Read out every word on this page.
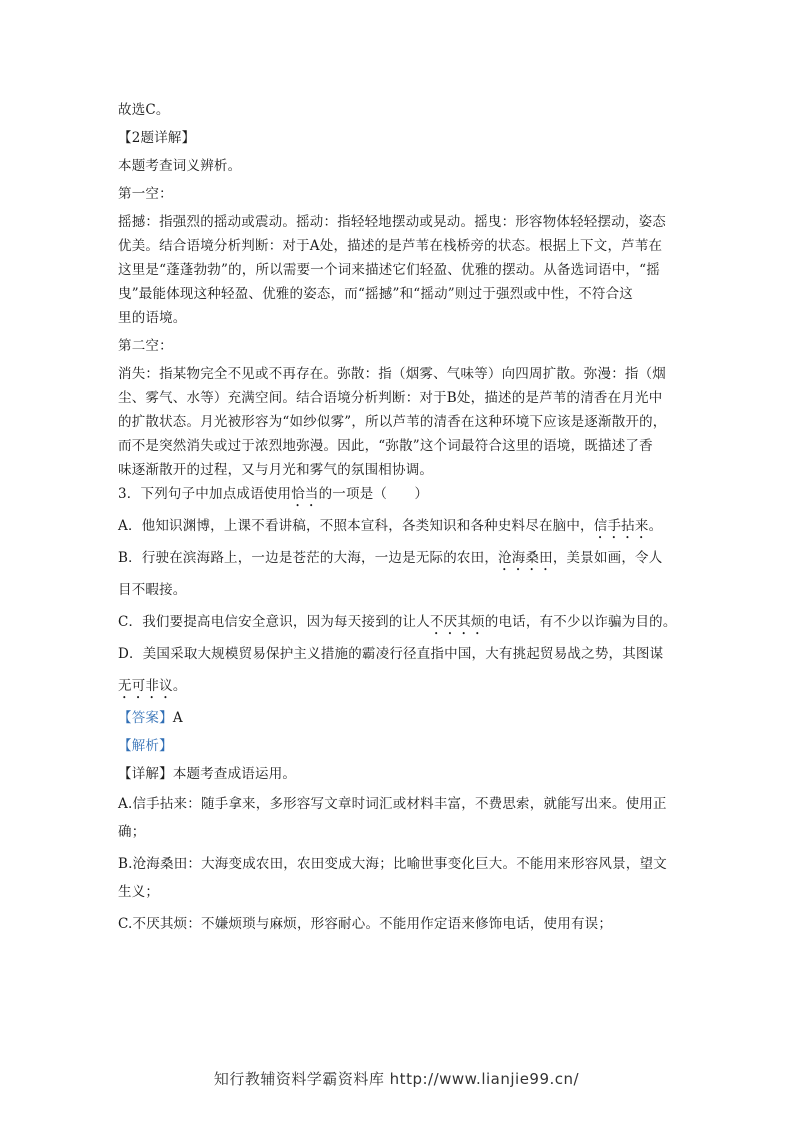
故选C。
【2题详解】
本题考查词义辨析。
第一空：
摇撼：指强烈的摇动或震动。摇动：指轻轻地摆动或晃动。摇曳：形容物体轻轻摆动，姿态
优美。结合语境分析判断：对于A处，描述的是芦苇在栈桥旁的状态。根据上下文，芦苇在
这里是“蓬蓬勃勃”的，所以需要一个词来描述它们轻盈、优雅的摆动。从备选词语中，“摇
曳”最能体现这种轻盈、优雅的姿态，而“摇撼”和“摇动”则过于强烈或中性，不符合这
里的语境。
第二空：
消失：指某物完全不见或不再存在。弥散：指（烟雾、气味等）向四周扩散。弥漫：指（烟
尘、雾气、水等）充满空间。结合语境分析判断：对于B处，描述的是芦苇的清香在月光中
的扩散状态。月光被形容为“如纱似雾”，所以芦苇的清香在这种环境下应该是逐渐散开的，
而不是突然消失或过于浓烈地弥漫。因此，“弥散”这个词最符合这里的语境，既描述了香
味逐渐散开的过程，又与月光和雾气的氛围相协调。
3．下列句子中加点成语使用恰当的一项是（　　）
A．他知识渊博，上课不看讲稿，不照本宣科，各类知识和各种史料尽在脑中，信手拈来。
B．行驶在滨海路上，一边是苍茫的大海，一边是无际的农田，沧海桑田，美景如画，令人
目不暇接。
C．我们要提高电信安全意识，因为每天接到的让人不厌其烦的电话，有不少以诈骗为目的。
D．美国采取大规模贸易保护主义措施的霸凌行径直指中国，大有挑起贸易战之势，其图谋
无可非议。
【答案】A
【解析】
【详解】本题考查成语运用。
A.信手拈来：随手拿来，多形容写文章时词汇或材料丰富，不费思索，就能写出来。使用正
确；
B.沧海桑田：大海变成农田，农田变成大海；比喻世事变化巨大。不能用来形容风景，望文
生义；
C.不厌其烦：不嫌烦琐与麻烦，形容耐心。不能用作定语来修饰电话，使用有误；
知行教辅资料学霸资料库 http://www.lianjie99.cn/
